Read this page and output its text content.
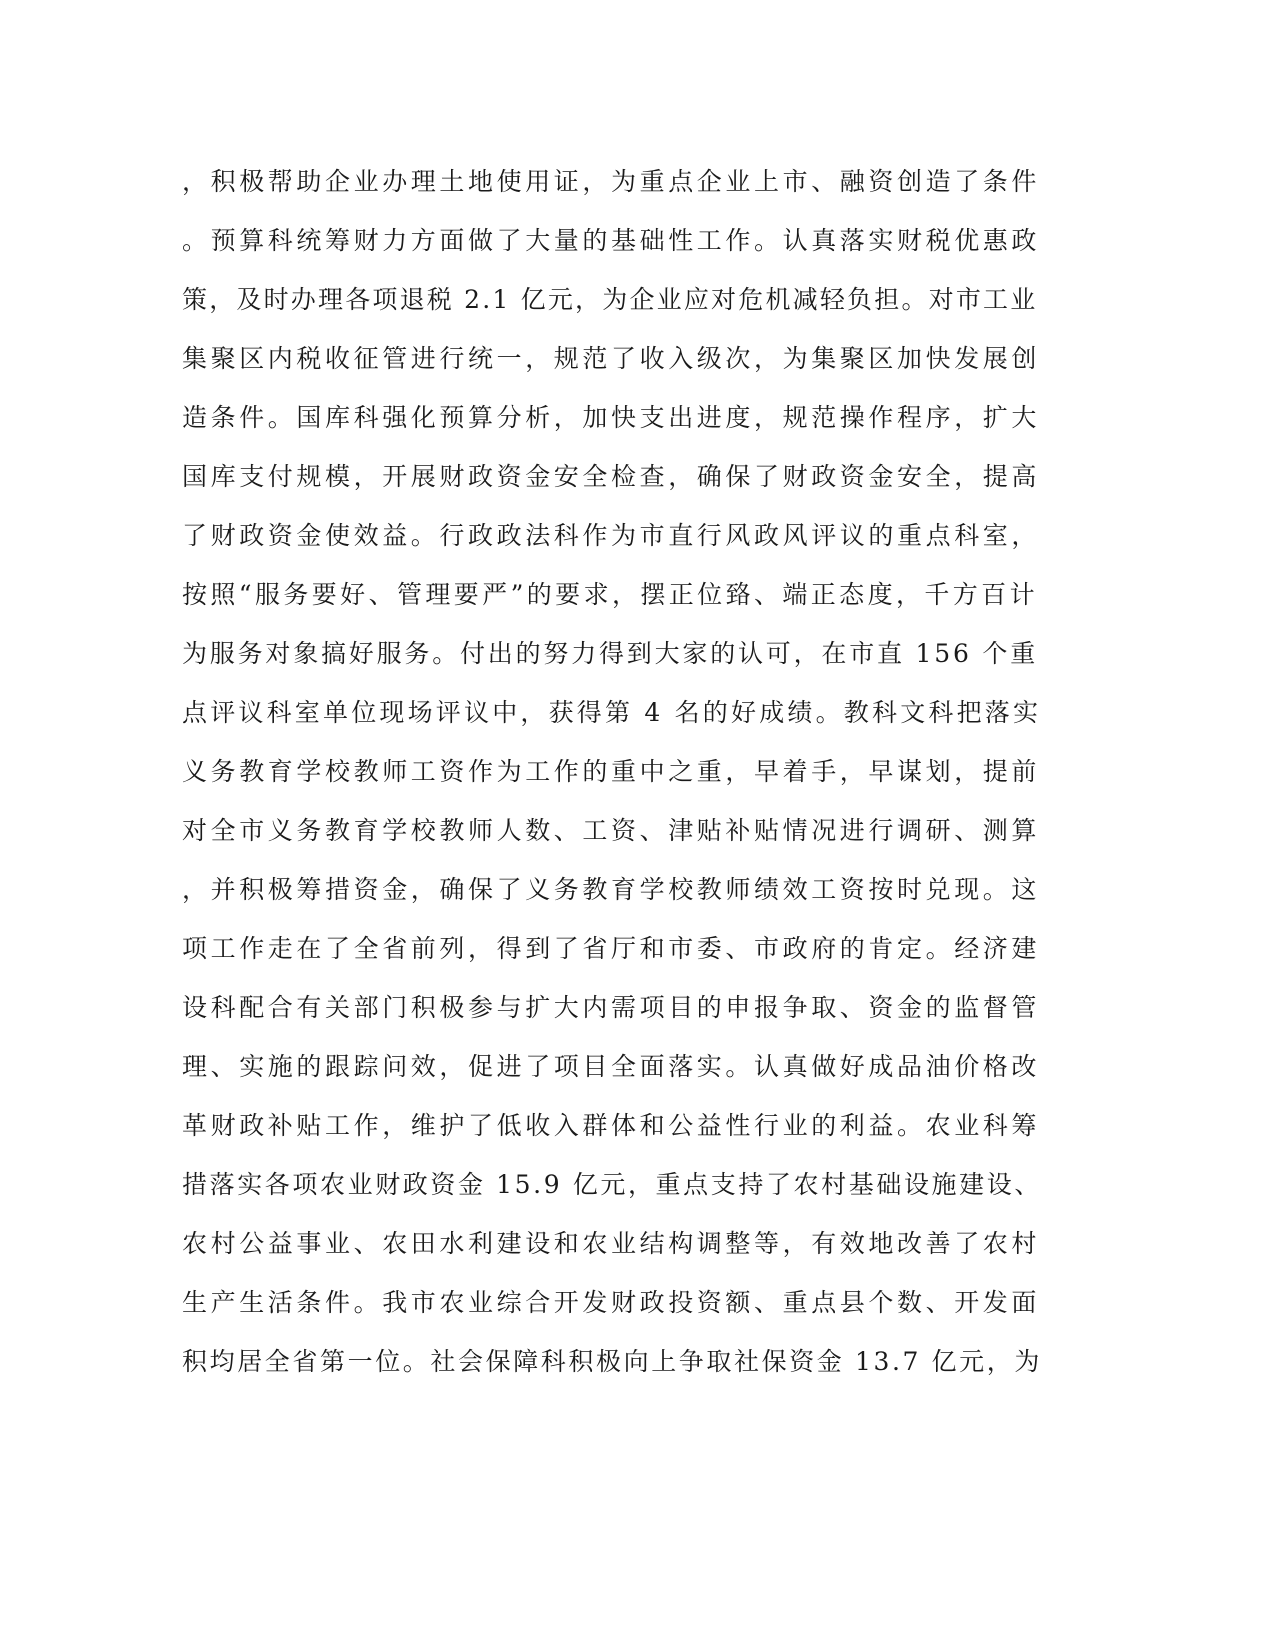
，积极帮助企业办理土地使用证，为重点企业上市、融资创造了条件
。预算科统筹财力方面做了大量的基础性工作。认真落实财税优惠政
策，及时办理各项退税 2.1 亿元，为企业应对危机减轻负担。对市工业
集聚区内税收征管进行统一，规范了收入级次，为集聚区加快发展创
造条件。国库科强化预算分析，加快支出进度，规范操作程序，扩大
国库支付规模，开展财政资金安全检查，确保了财政资金安全，提高
了财政资金使效益。行政政法科作为市直行风政风评议的重点科室，
按照“服务要好、管理要严”的要求，摆正位臵、端正态度，千方百计
为服务对象搞好服务。付出的努力得到大家的认可，在市直 156 个重
点评议科室单位现场评议中，获得第 4 名的好成绩。教科文科把落实
义务教育学校教师工资作为工作的重中之重，早着手，早谋划，提前
对全市义务教育学校教师人数、工资、津贴补贴情况进行调研、测算
，并积极筹措资金，确保了义务教育学校教师绩效工资按时兑现。这
项工作走在了全省前列，得到了省厅和市委、市政府的肯定。经济建
设科配合有关部门积极参与扩大内需项目的申报争取、资金的监督管
理、实施的跟踪问效，促进了项目全面落实。认真做好成品油价格改
革财政补贴工作，维护了低收入群体和公益性行业的利益。农业科筹
措落实各项农业财政资金 15.9 亿元，重点支持了农村基础设施建设、
农村公益事业、农田水利建设和农业结构调整等，有效地改善了农村
生产生活条件。我市农业综合开发财政投资额、重点县个数、开发面
积均居全省第一位。社会保障科积极向上争取社保资金 13.7 亿元，为
